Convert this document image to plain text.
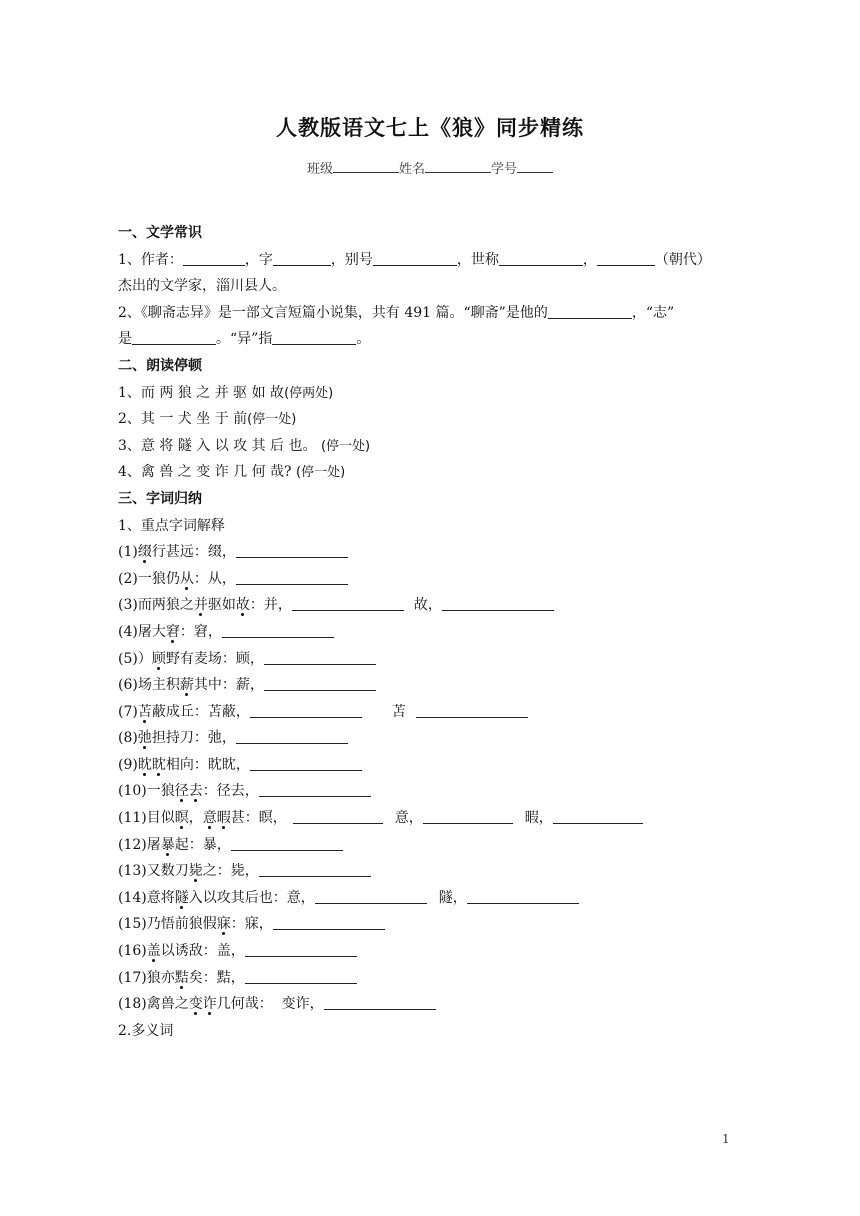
人教版语文七上《狼》同步精练
班级	姓名	学号
一、文学常识
1、作者：	，字	，别号	，世称	，	（朝代）
杰出的文学家，淄川县人。
2、《聊斋志异》是一部文言短篇小说集，共有 491 篇。“聊斋”是他的	，“志”
是	。“异”指	。
二、朗读停顿
1、而 两 狼 之 并 驱 如 故(停两处)
2、其 一 犬 坐 于 前(停一处)
3、意 将 隧 入 以 攻 其 后 也。 (停一处)
4、禽 兽 之 变 诈 几 何 哉? (停一处)
三、字词归纳
1、重点字词解释
(1)缀行甚远：缀，
(2)一狼仍从：从，
(3)而两狼之并驱如故：并，	故，
(4)屠大窘：窘，
(5)）顾野有麦场：顾，
(6)场主积薪其中：薪，
(7)苫蔽成丘：苫蔽，	苫
(8)弛担持刀：弛，
(9)眈眈相向：眈眈，
(10)一狼径去：径去，
(11)目似瞑，意暇甚：瞑，	意，	暇，
(12)屠暴起：暴，
(13)又数刀毙之：毙，
(14)意将隧入以攻其后也：意，	隧，
(15)乃悟前狼假寐：寐，
(16)盖以诱敌：盖，
(17)狼亦黠矣：黠，
(18)禽兽之变诈几何哉：  变诈，
2.多义词
1
